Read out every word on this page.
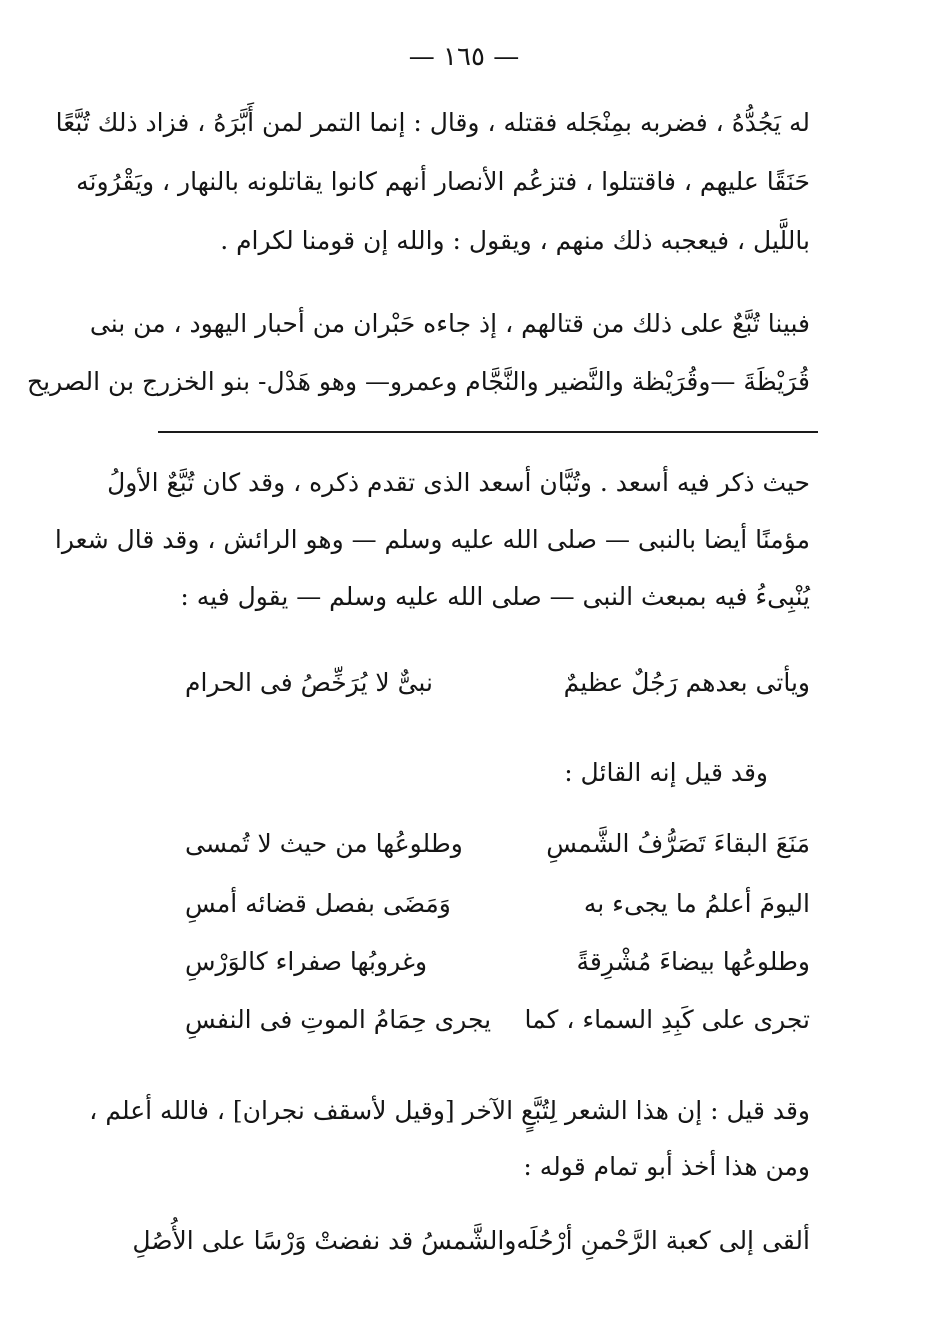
— ١٦٥ —
له يَجُدُّهُ ، فضربه بمِنْجَله فقتله ، وقال : إنما التمر لمن أَبَّرَهُ ، فزاد ذلك تُبَّعًا
حَنَقًا عليهم ، فاقتتلوا ، فتزعُم الأنصار أنهم كانوا يقاتلونه بالنهار ، ويَقْرُونَه
باللَّيل ، فيعجبه ذلك منهم ، ويقول : والله إن قومنا لكرام .
فبينا تُبَّعٌ على ذلك من قتالهم ، إذ جاءه حَبْران من أحبار اليهود ، من بنى
قُرَيْظَةَ —وقُرَيْظة والنَّضير والنَّجَّام وعمرو— وهو هَدْل- بنو الخزرج بن الصريح
حيث ذكر فيه أسعد . وتُبَّان أسعد الذى تقدم ذكره ، وقد كان تُبَّعٌ الأولُ
مؤمنًا أيضا بالنبى — صلى الله عليه وسلم — وهو الرائش ، وقد قال شعرا
يُنْبِىءُ فيه بمبعث النبى — صلى الله عليه وسلم — يقول فيه :
ويأتى بعدهم رَجُلٌ عظيمٌ
نبىٌّ لا يُرَخِّصُ فى الحرام
وقد قيل إنه القائل :
مَنَعَ البقاءَ تَصَرُّفُ الشَّمسِ
وطلوعُها من حيث لا تُمسى
اليومَ أعلمُ ما يجىء به
وَمَضَى بفصل قضائه أمسِ
وطلوعُها بيضاءَ مُشْرِقةً
وغروبُها صفراء كالوَرْسِ
تجرى على كَبِدِ السماء ، كما
يجرى حِمَامُ الموتِ فى النفسِ
وقد قيل : إن هذا الشعر لِتُبَّعٍ الآخر [وقيل لأسقف نجران] ، فالله أعلم ،
ومن هذا أخذ أبو تمام قوله :
ألقى إلى كعبة الرَّحْمنِ أرْحُلَه
والشَّمسُ قد نفضتْ وَرْسًا على الأُصُلِ
